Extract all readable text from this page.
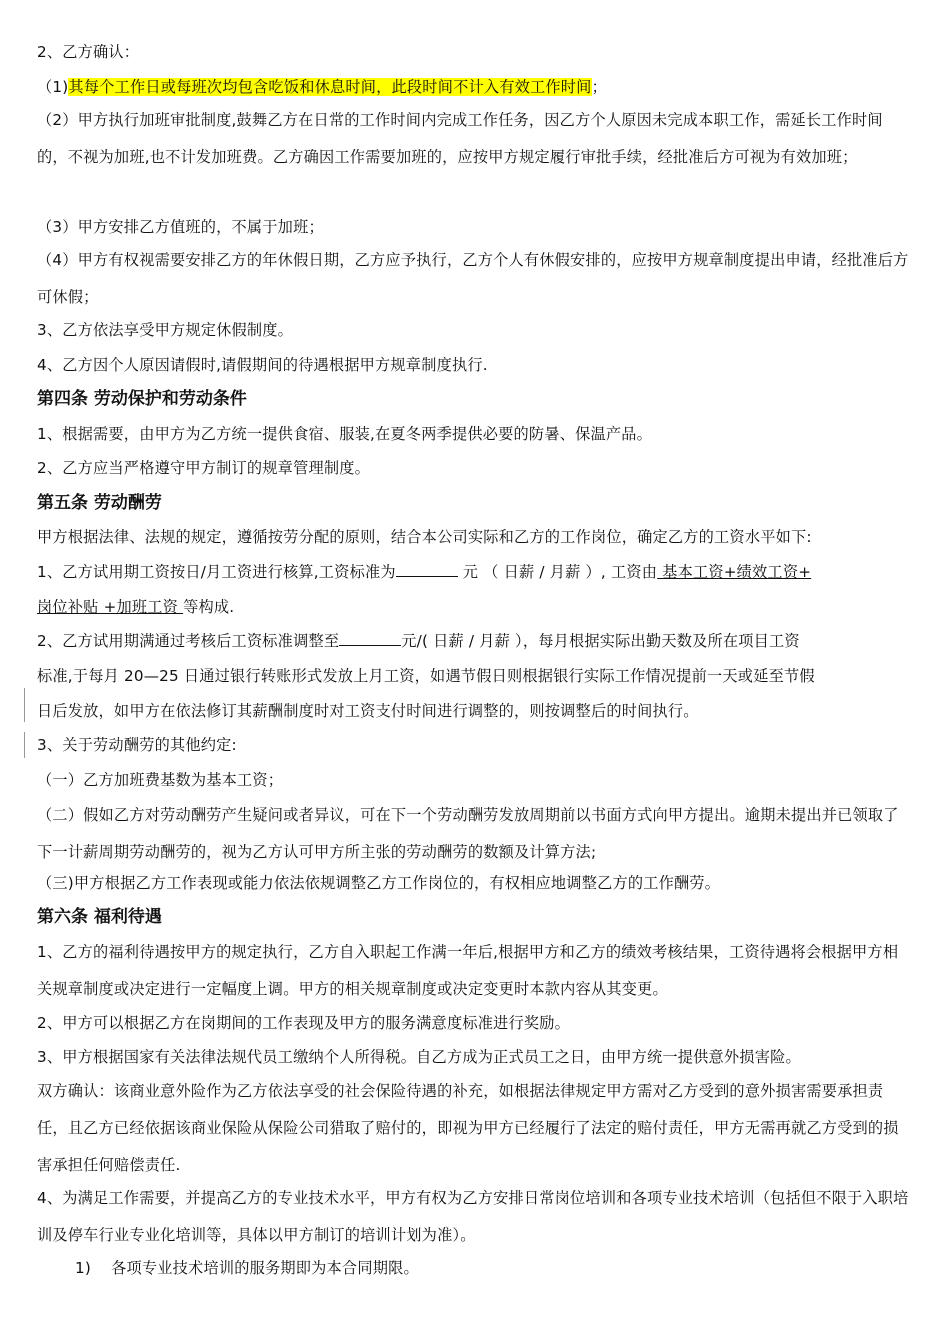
2、乙方确认：
（1)其每个工作日或每班次均包含吃饭和休息时间，此段时间不计入有效工作时间；
（2）甲方执行加班审批制度,鼓舞乙方在日常的工作时间内完成工作任务，因乙方个人原因未完成本职工作，需延长工作时间的，不视为加班,也不计发加班费。乙方确因工作需要加班的，应按甲方规定履行审批手续，经批准后方可视为有效加班；
（3）甲方安排乙方值班的，不属于加班；
（4）甲方有权视需要安排乙方的年休假日期，乙方应予执行，乙方个人有休假安排的，应按甲方规章制度提出申请，经批准后方可休假；
3、乙方依法享受甲方规定休假制度。
4、乙方因个人原因请假时,请假期间的待遇根据甲方规章制度执行.
第四条 劳动保护和劳动条件
1、根据需要，由甲方为乙方统一提供食宿、服装,在夏冬两季提供必要的防暑、保温产品。
2、乙方应当严格遵守甲方制订的规章管理制度。
第五条 劳动酬劳
甲方根据法律、法规的规定，遵循按劳分配的原则，结合本公司实际和乙方的工作岗位，确定乙方的工资水平如下:
1、乙方试用期工资按日/月工资进行核算,工资标准为	元 （ 日薪 / 月薪 ）, 工资由 基本工资+绩效工资+
岗位补贴 +加班工资 等构成.
2、乙方试用期满通过考核后工资标准调整至	元/( 日薪 / 月薪 ），每月根据实际出勤天数及所在项目工资
标准,于每月 20—25 日通过银行转账形式发放上月工资，如遇节假日则根据银行实际工作情况提前一天或延至节假
日后发放，如甲方在依法修订其薪酬制度时对工资支付时间进行调整的，则按调整后的时间执行。
3、关于劳动酬劳的其他约定:
（一）乙方加班费基数为基本工资；
（二）假如乙方对劳动酬劳产生疑问或者异议，可在下一个劳动酬劳发放周期前以书面方式向甲方提出。逾期未提出并已领取了下一计薪周期劳动酬劳的，视为乙方认可甲方所主张的劳动酬劳的数额及计算方法;
（三)甲方根据乙方工作表现或能力依法依规调整乙方工作岗位的，有权相应地调整乙方的工作酬劳。
第六条 福利待遇
1、乙方的福利待遇按甲方的规定执行，乙方自入职起工作满一年后,根据甲方和乙方的绩效考核结果，工资待遇将会根据甲方相关规章制度或决定进行一定幅度上调。甲方的相关规章制度或决定变更时本款内容从其变更。
2、甲方可以根据乙方在岗期间的工作表现及甲方的服务满意度标准进行奖励。
3、甲方根据国家有关法律法规代员工缴纳个人所得税。自乙方成为正式员工之日，由甲方统一提供意外损害险。
双方确认：该商业意外险作为乙方依法享受的社会保险待遇的补充，如根据法律规定甲方需对乙方受到的意外损害需要承担责任，且乙方已经依据该商业保险从保险公司猎取了赔付的，即视为甲方已经履行了法定的赔付责任，甲方无需再就乙方受到的损害承担任何赔偿责任.
4、为满足工作需要，并提高乙方的专业技术水平，甲方有权为乙方安排日常岗位培训和各项专业技术培训（包括但不限于入职培训及停车行业专业化培训等，具体以甲方制订的培训计划为准）。
1) 各项专业技术培训的服务期即为本合同期限。
